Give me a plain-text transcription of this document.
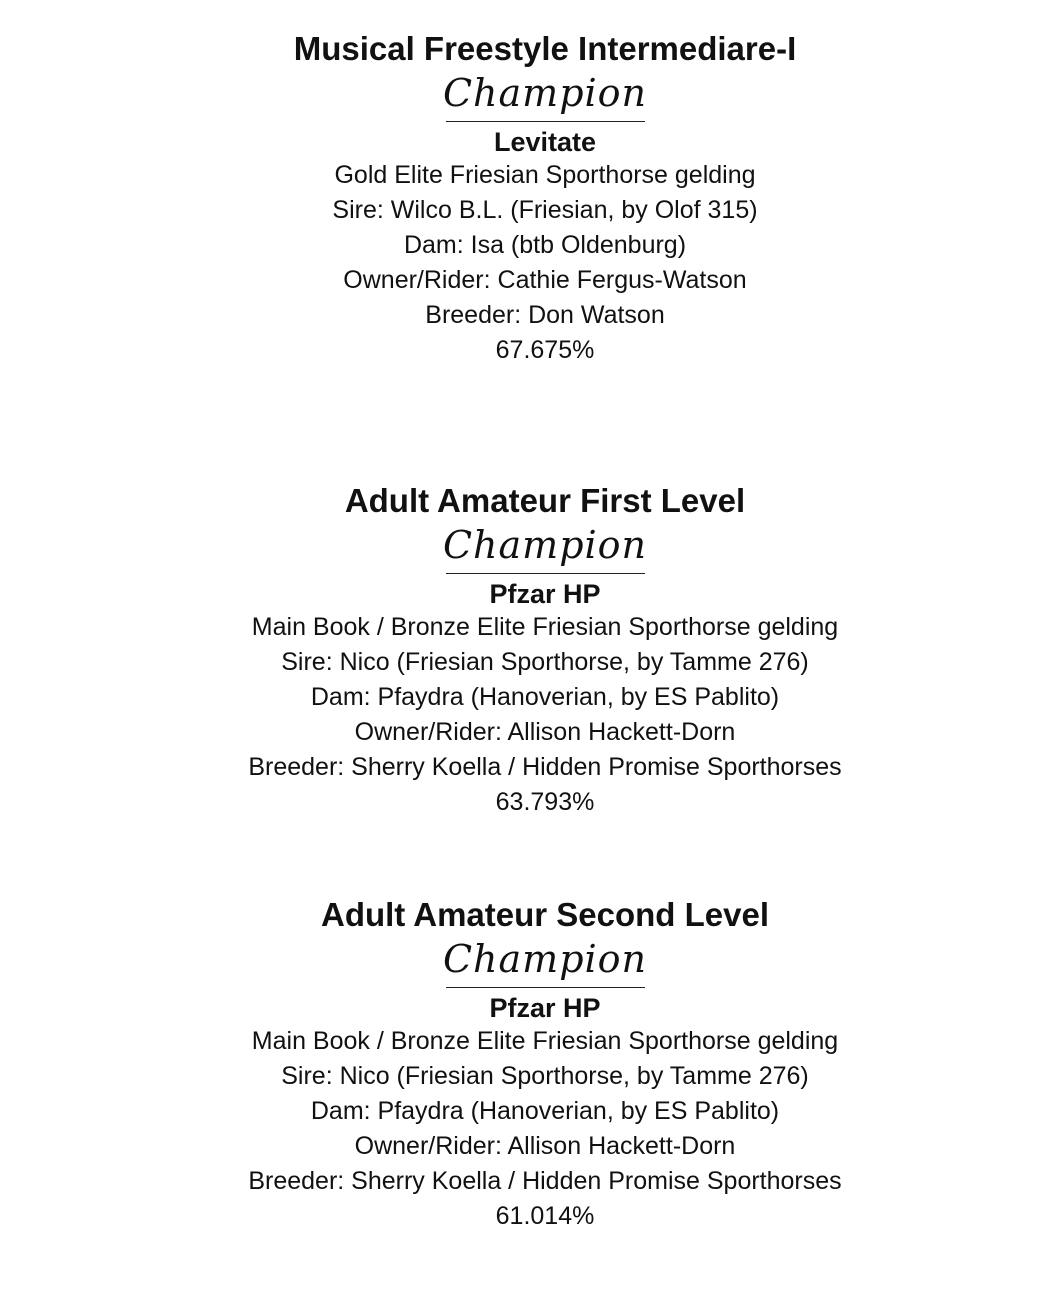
Musical Freestyle Intermediare-I
Champion
Levitate
Gold Elite Friesian Sporthorse gelding
Sire: Wilco B.L. (Friesian, by Olof 315)
Dam: Isa (btb Oldenburg)
Owner/Rider: Cathie Fergus-Watson
Breeder: Don Watson
67.675%
Adult Amateur First Level
Champion
Pfzar HP
Main Book / Bronze Elite Friesian Sporthorse gelding
Sire: Nico (Friesian Sporthorse, by Tamme 276)
Dam: Pfaydra (Hanoverian, by ES Pablito)
Owner/Rider: Allison Hackett-Dorn
Breeder: Sherry Koella / Hidden Promise Sporthorses
63.793%
Adult Amateur Second Level
Champion
Pfzar HP
Main Book / Bronze Elite Friesian Sporthorse gelding
Sire: Nico (Friesian Sporthorse, by Tamme 276)
Dam: Pfaydra (Hanoverian, by ES Pablito)
Owner/Rider: Allison Hackett-Dorn
Breeder: Sherry Koella / Hidden Promise Sporthorses
61.014%
